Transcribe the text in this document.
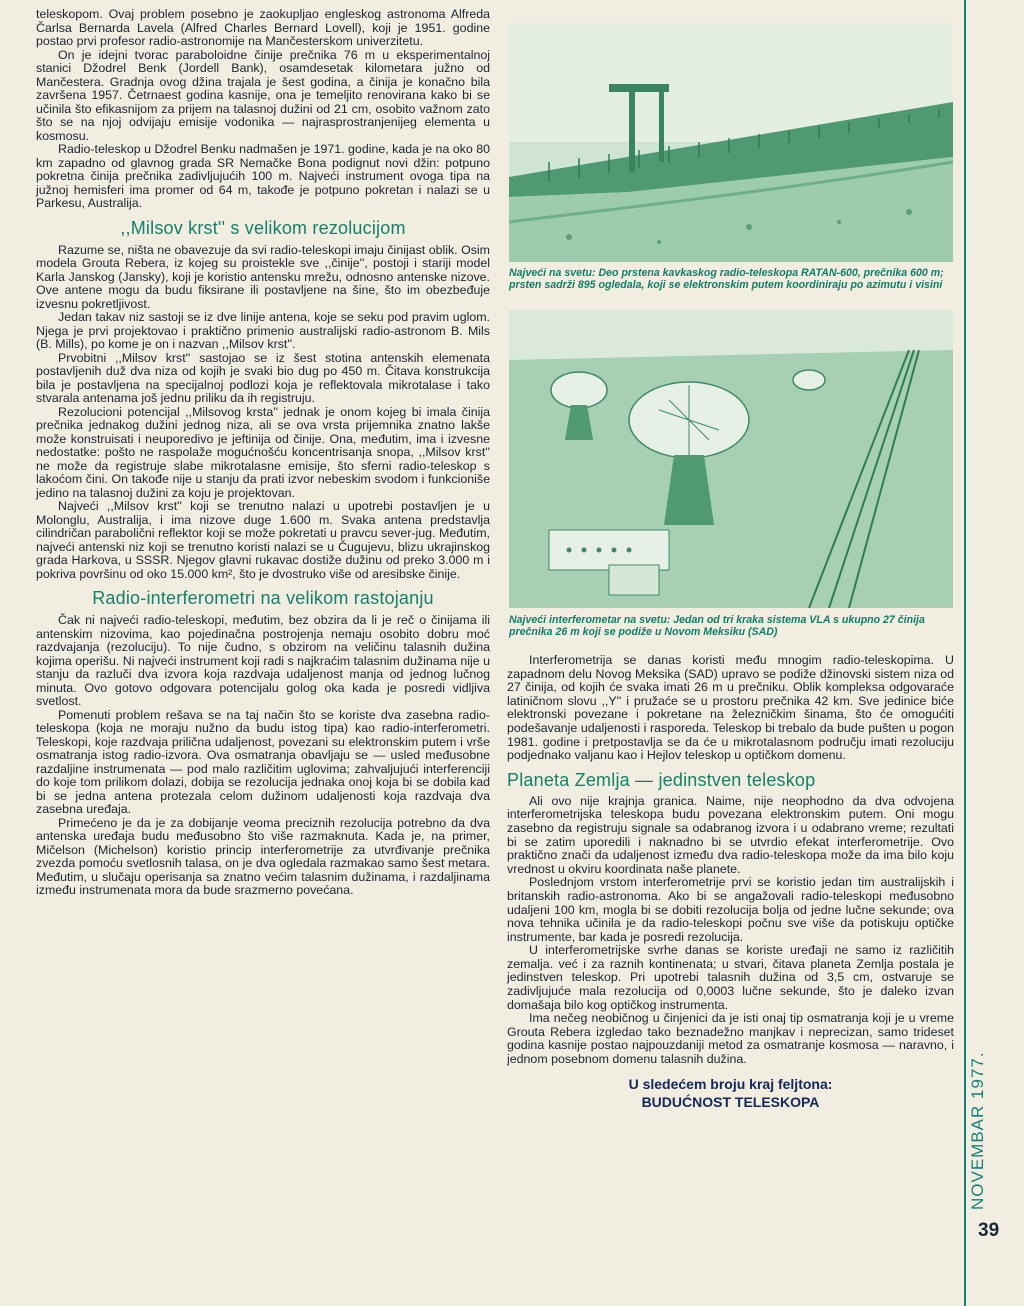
teleskopom. Ovaj problem posebno je zaokupljao engleskog astronoma Alfreda Čarlsa Bernarda Lavela (Alfred Charles Bernard Lovell), koji je 1951. godine postao prvi profesor radio-astronomije na Mančesterskom univerzitetu.

On je idejni tvorac paraboloidne činije prečnika 76 m u eksperimentalnoj stanici Džodrel Benk (Jordell Bank), osamdesetak kilometara južno od Mančestera. Gradnja ovog džina trajala je šest godina, a činija je konačno bila završena 1957. Četrnaest godina kasnije, ona je temeljito renovirana kako bi se učinila što efikasnijom za prijem na talasnoj dužini od 21 cm, osobito važnom zato što se na njoj odvijaju emisije vodonika — najrasprostranjenijeg elementa u kosmosu.

Radio-teleskop u Džodrel Benku nadmašen je 1971. godine, kada je na oko 80 km zapadno od glavnog grada SR Nemačke Bona podignut novi džin: potpuno pokretna činija prečnika zadivljujućih 100 m. Najveći instrument ovoga tipa na južnoj hemisferi ima promer od 64 m, takođe je potpuno pokretan i nalazi se u Parkesu, Australija.

,,Milsov krst'' s velikom rezolucijom

Razume se, ništa ne obavezuje da svi radio-teleskopi imaju činijast oblik. Osim modela Grouta Rebera, iz kojeg su proistekle sve ,,činije'', postoji i stariji model Karla Janskog (Jansky), koji je koristio antensku mrežu, odnosno antenske nizove. Ove antene mogu da budu fiksirane ili postavljene na šine, što im obezbeđuje izvesnu pokretljivost.

Jedan takav niz sastoji se iz dve linije antena, koje se seku pod pravim uglom. Njega je prvi projektovao i praktično primenio australijski radio-astronom B. Mils (B. Mills), po kome je on i nazvan ,,Milsov krst''.

Prvobitni ,,Milsov krst'' sastojao se iz šest stotina antenskih elemenata postavljenih duž dva niza od kojih je svaki bio dug po 450 m. Čitava konstrukcija bila je postavljena na specijalnoj podlozi koja je reflektovala mikrotalase i tako stvarala antenama još jednu priliku da ih registruju.

Rezolucioni potencijal ,,Milsovog krsta'' jednak je onom kojeg bi imala činija prečnika jednakog dužini jednog niza, ali se ova vrsta prijemnika znatno lakše može konstruisati i neuporedivo je jeftinija od činije. Ona, međutim, ima i izvesne nedostatke: pošto ne raspolaže mogućnošću koncentrisanja snopa, ,,Milsov krst'' ne može da registruje slabe mikrotalasne emisije, što sferni radio-teleskop s lakoćom čini. On takođe nije u stanju da prati izvor nebeskim svodom i funkcioniše jedino na talasnoj dužini za koju je projektovan.

Najveći ,,Milsov krst'' koji se trenutno nalazi u upotrebi postavljen je u Molonglu, Australija, i ima nizove duge 1.600 m. Svaka antena predstavlja cilindričan parabolični reflektor koji se može pokretati u pravcu sever-jug. Međutim, najveći antenski niz koji se trenutno koristi nalazi se u Čugujevu, blizu ukrajinskog grada Harkova, u SSSR. Njegov glavni rukavac dostiže dužinu od preko 3.000 m i pokriva površinu od oko 15.000 km², što je dvostruko više od aresibske činije.

Radio-interferometri na velikom rastojanju

Čak ni najveći radio-teleskopi, međutim, bez obzira da li je reč o činijama ili antenskim nizovima, kao pojedinačna postrojenja nemaju osobito dobru moć razdvajanja (rezoluciju). To nije čudno, s obzirom na veličinu talasnih dužina kojima operišu. Ni najveći instrument koji radi s najkraćim talasnim dužinama nije u stanju da razluči dva izvora koja razdvaja udaljenost manja od jednog lučnog minuta. Ovo gotovo odgovara potencijalu golog oka kada je posredi vidljiva svetlost.

Pomenuti problem rešava se na taj način što se koriste dva zasebna radio-teleskopa (koja ne moraju nužno da budu istog tipa) kao radio-interferometri. Teleskopi, koje razdvaja prilična udaljenost, povezani su elektronskim putem i vrše osmatranja istog radio-izvora. Ova osmatranja obavljaju se — usled međusobne razdaljine instrumenata — pod malo različitim uglovima; zahvaljujući interferenciji do koje tom prilikom dolazi, dobija se rezolucija jednaka onoj koja bi se dobila kad bi se jedna antena protezala celom dužinom udaljenosti koja razdvaja dva zasebna uređaja.

Primećeno je da je za dobijanje veoma preciznih rezolucija potrebno da dva antenska uređaja budu međusobno što više razmaknuta. Kada je, na primer, Mičelson (Michelson) koristio princip interferometrije za utvrđivanje prečnika zvezda pomoću svetlosnih talasa, on je dva ogledala razmakao samo šest metara. Međutim, u slučaju operisanja sa znatno većim talasnim dužinama, i razdaljinama između instrumenata mora da bude srazmerno povećana.

Najveći na svetu: Deo prstena kavkaskog radio-teleskopa RATAN-600, prečnika 600 m; prsten sadrži 895 ogledala, koji se elektronskim putem koordiniraju po azimutu i visini
Najveći interferometar na svetu: Jedan od tri kraka sistema VLA s ukupno 27 činija prečnika 26 m koji se podiže u Novom Meksiku (SAD)

Interferometrija se danas koristi među mnogim radio-teleskopima. U zapadnom delu Novog Meksika (SAD) upravo se podiže džinovski sistem niza od 27 činija, od kojih će svaka imati 26 m u prečniku. Oblik kompleksa odgovaraće latiničnom slovu ,,Y'' i pružaće se u prostoru prečnika 42 km. Sve jedinice biće elektronski povezane i pokretane na železničkim šinama, što će omogućiti podešavanje udaljenosti i rasporeda. Teleskop bi trebalo da bude pušten u pogon 1981. godine i pretpostavlja se da će u mikrotalasnom području imati rezoluciju podjednako valjanu kao i Hejlov teleskop u optičkom domenu.

Planeta Zemlja — jedinstven teleskop

Ali ovo nije krajnja granica. Naime, nije neophodno da dva odvojena interferometrijska teleskopa budu povezana elektronskim putem. Oni mogu zasebno da registruju signale sa odabranog izvora i u odabrano vreme; rezultati bi se zatim uporedili i naknadno bi se utvrdio efekat interferometrije. Ovo praktično znači da udaljenost između dva radio-teleskopa može da ima bilo koju vrednost u okviru koordinata naše planete.

Poslednjom vrstom interferometrije prvi se koristio jedan tim australijskih i britanskih radio-astronoma. Ako bi se angažovali radio-teleskopi međusobno udaljeni 100 km, mogla bi se dobiti rezolucija bolja od jedne lučne sekunde; ova nova tehnika učinila je da radio-teleskopi počnu sve više da potiskuju optičke instrumente, bar kada je posredi rezolucija.

U interferometrijske svrhe danas se koriste uređaji ne samo iz različitih zemalja. već i za raznih kontinenata; u stvari, čitava planeta Zemlja postala je jedinstven teleskop. Pri upotrebi talasnih dužina od 3,5 cm, ostvaruje se zadivljujuće mala rezolucija od 0,0003 lučne sekunde, što je daleko izvan domašaja bilo kog optičkog instrumenta.

Ima nečeg neobičnog u činjenici da je isti onaj tip osmatranja koji je u vreme Grouta Rebera izgledao tako beznadežno manjkav i neprecizan, samo trideset godina kasnije postao najpouzdaniji metod za osmatranje kosmosa — naravno, i jednom posebnom domenu talasnih dužina.

U sledećem broju kraj feljtona:
BUDUĆNOST TELESKOPA	NOVEMBAR 1977.
39
